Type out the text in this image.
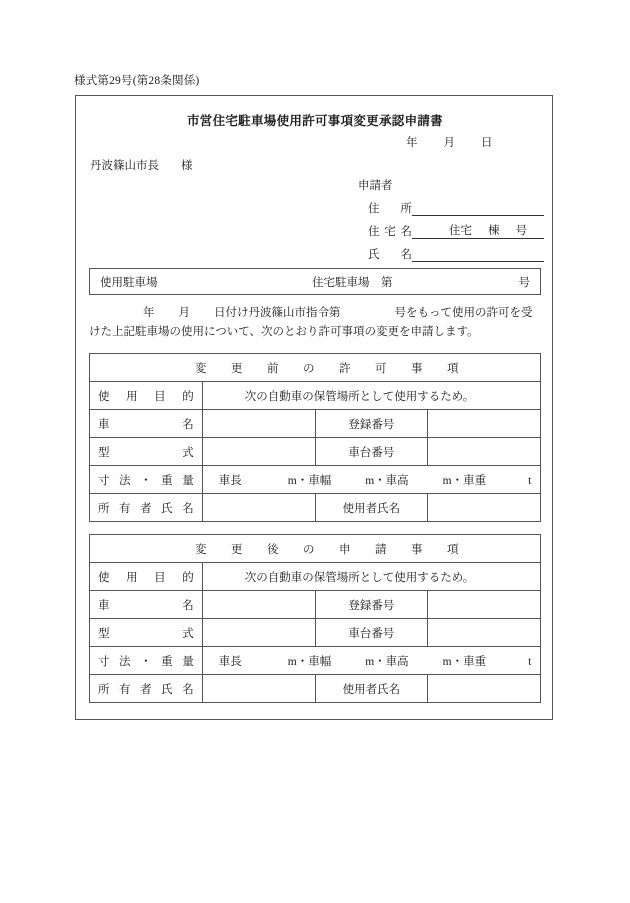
様式第29号(第28条関係)
市営住宅駐車場使用許可事項変更承認申請書
年 月 日
丹波篠山市長 様
申請者
住所
住宅名	住宅 棟 号
氏名
使用駐車場	住宅駐車場　第	号
年 月 日付け丹波篠山市指令第	号をもって使用の許可を受
けた上記駐車場の使用について、次のとおり許可事項の変更を申請します。
変 更 前 の 許 可 事 項			
使用目的	次の自動車の保管場所として使用するため。		
車名		登録番号	
型式		車台番号	
寸法・重量	車長 m・車幅 m・車高 m・車重 t		
所有者氏名		使用者氏名	
変 更 後 の 申 請 事 項			
使用目的	次の自動車の保管場所として使用するため。		
車名		登録番号	
型式		車台番号	
寸法・重量	車長 m・車幅 m・車高 m・車重 t		
所有者氏名		使用者氏名	
